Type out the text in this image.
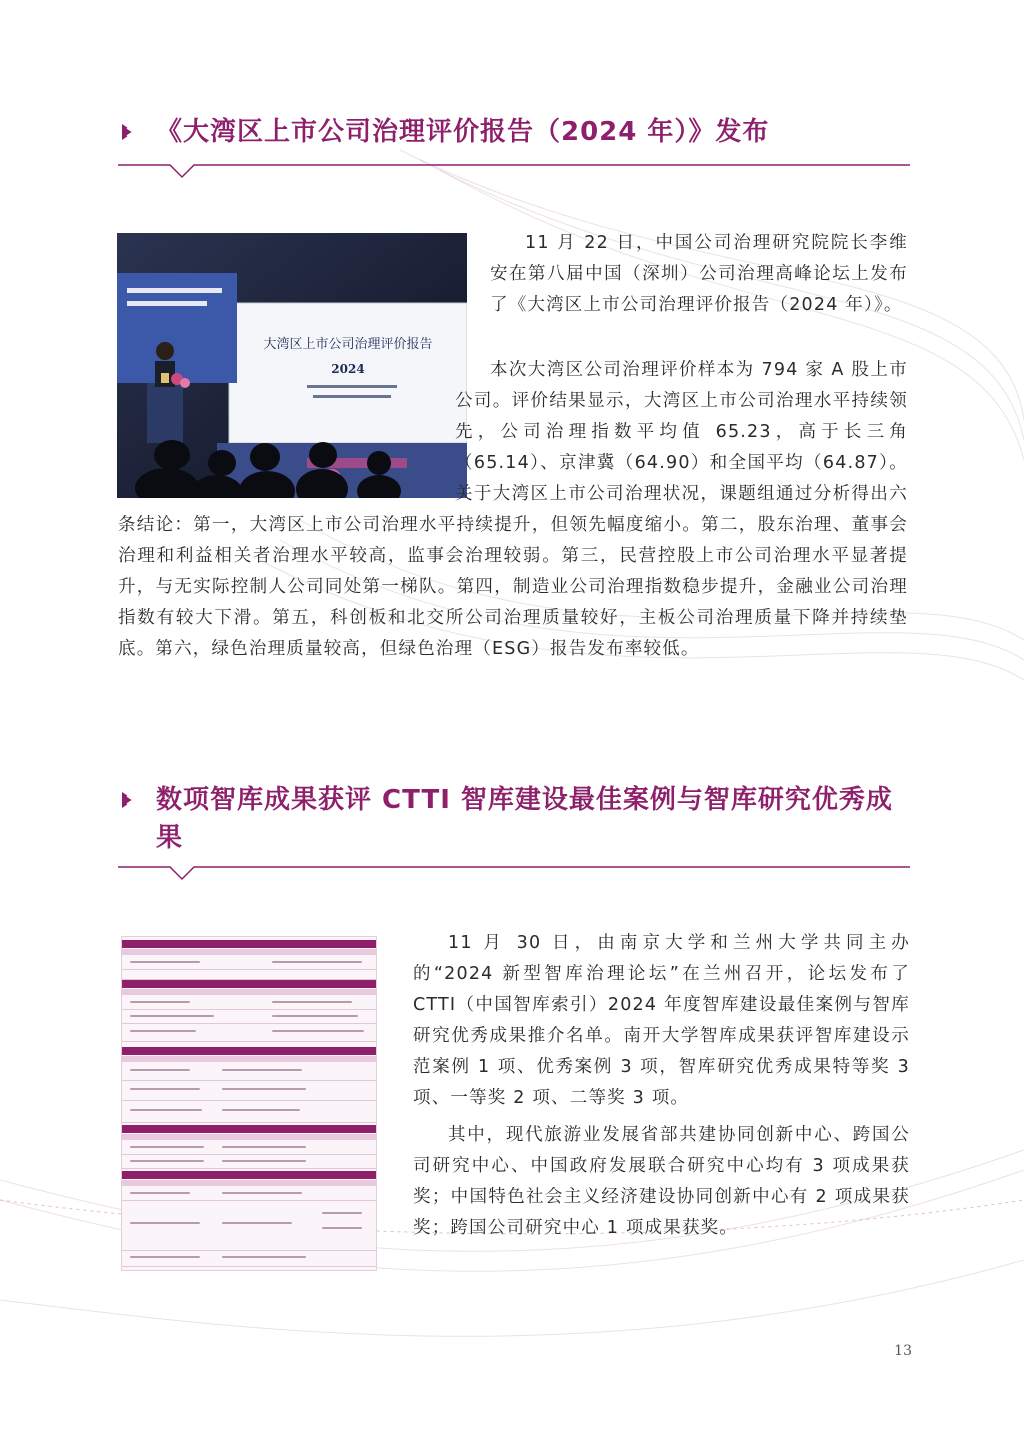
《大湾区上市公司治理评价报告（2024 年）》发布
大湾区上市公司治理评价报告
2024

11 月 22 日，中国公司治理研究院院长李维安在第八届中国（深圳）公司治理高峰论坛上发布了《大湾区上市公司治理评价报告（2024 年）》。

本次大湾区公司治理评价样本为 794 家 A 股上市公司。评价结果显示，大湾区上市公司治理水平持续领先，公司治理指数平均值 65.23，高于长三角（65.14）、京津冀（64.90）和全国平均（64.87）。关于大湾区上市公司治理状况，课题组通过分析得出六条结论：第一，大湾区上市公司治理水平持续提升，但领先幅度缩小。第二，股东治理、董事会治理和利益相关者治理水平较高，监事会治理较弱。第三，民营控股上市公司治理水平显著提升，与无实际控制人公司同处第一梯队。第四，制造业公司治理指数稳步提升，金融业公司治理指数有较大下滑。第五，科创板和北交所公司治理质量较好，主板公司治理质量下降并持续垫底。第六，绿色治理质量较高，但绿色治理（ESG）报告发布率较低。

数项智库成果获评 CTTI 智库建设最佳案例与智库研究优秀成果

11 月 30 日，由南京大学和兰州大学共同主办的“2024 新型智库治理论坛”在兰州召开，论坛发布了 CTTI（中国智库索引）2024 年度智库建设最佳案例与智库研究优秀成果推介名单。南开大学智库成果获评智库建设示范案例 1 项、优秀案例 3 项，智库研究优秀成果特等奖 3 项、一等奖 2 项、二等奖 3 项。

其中，现代旅游业发展省部共建协同创新中心、跨国公司研究中心、中国政府发展联合研究中心均有 3 项成果获奖；中国特色社会主义经济建设协同创新中心有 2 项成果获奖；跨国公司研究中心 1 项成果获奖。

13
